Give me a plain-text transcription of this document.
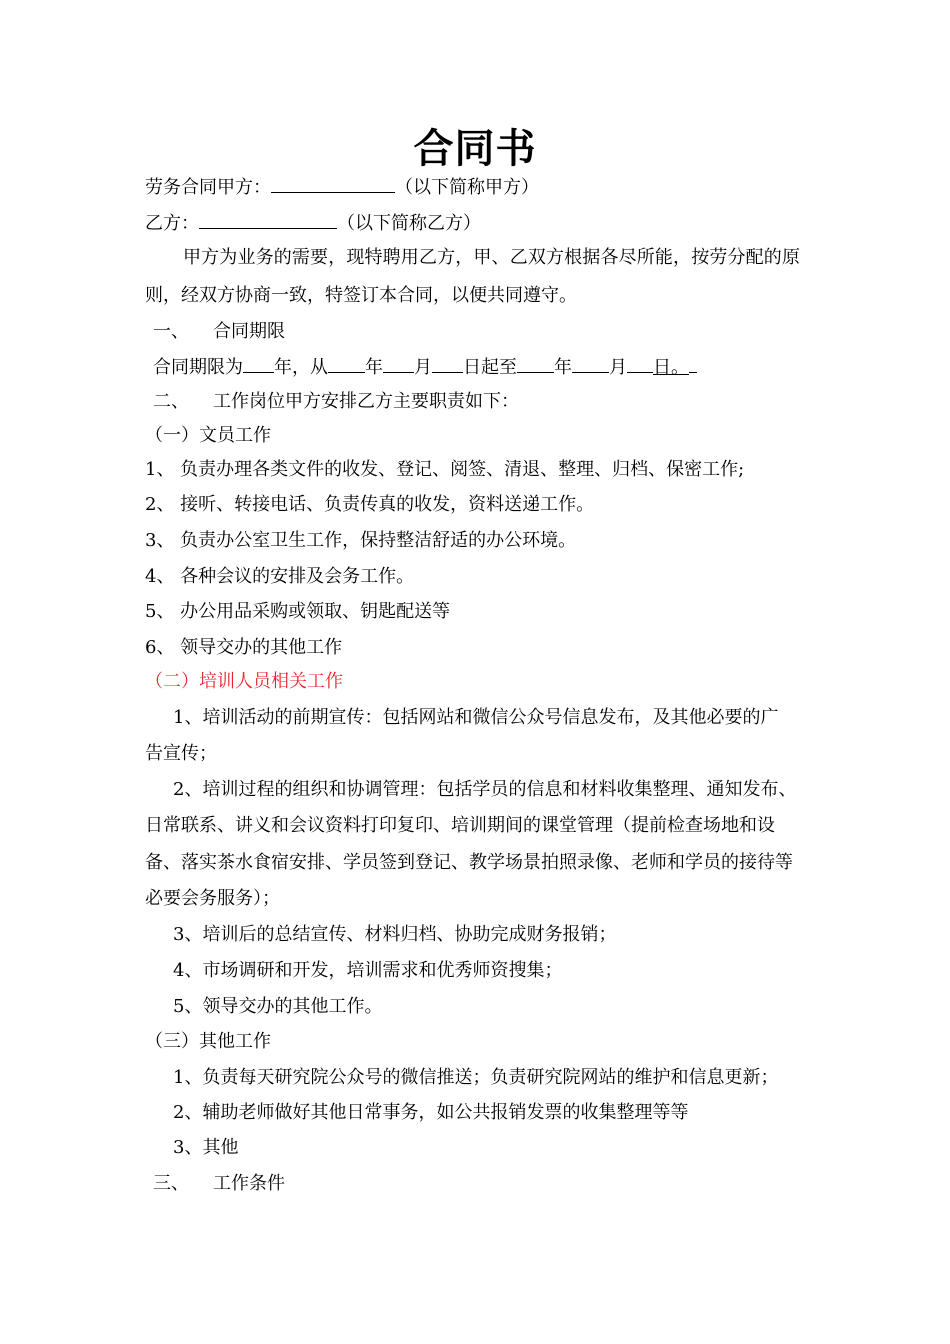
合同书
劳务合同甲方：	（以下简称甲方）
乙方：	（以下简称乙方）
甲方为业务的需要，现特聘用乙方，甲、乙双方根据各尽所能，按劳分配的原
则，经双方协商一致，特签订本合同，以便共同遵守。
一、 合同期限
合同期限为 年，从 年 月 日起至 年 月 日。
二、 工作岗位甲方安排乙方主要职责如下：
（一）文员工作
1、 负责办理各类文件的收发、登记、阅签、清退、整理、归档、保密工作;
2、 接听、转接电话、负责传真的收发，资料送递工作。
3、 负责办公室卫生工作，保持整洁舒适的办公环境。
4、 各种会议的安排及会务工作。
5、 办公用品采购或领取、钥匙配送等
6、 领导交办的其他工作
（二）培训人员相关工作
1、培训活动的前期宣传：包括网站和微信公众号信息发布，及其他必要的广
告宣传；
2、培训过程的组织和协调管理：包括学员的信息和材料收集整理、通知发布、
日常联系、讲义和会议资料打印复印、培训期间的课堂管理（提前检查场地和设
备、落实茶水食宿安排、学员签到登记、教学场景拍照录像、老师和学员的接待等
必要会务服务）；
3、培训后的总结宣传、材料归档、协助完成财务报销；
4、市场调研和开发，培训需求和优秀师资搜集；
5、领导交办的其他工作。
（三）其他工作
1、负责每天研究院公众号的微信推送；负责研究院网站的维护和信息更新；
2、辅助老师做好其他日常事务，如公共报销发票的收集整理等等
3、其他
三、 工作条件
